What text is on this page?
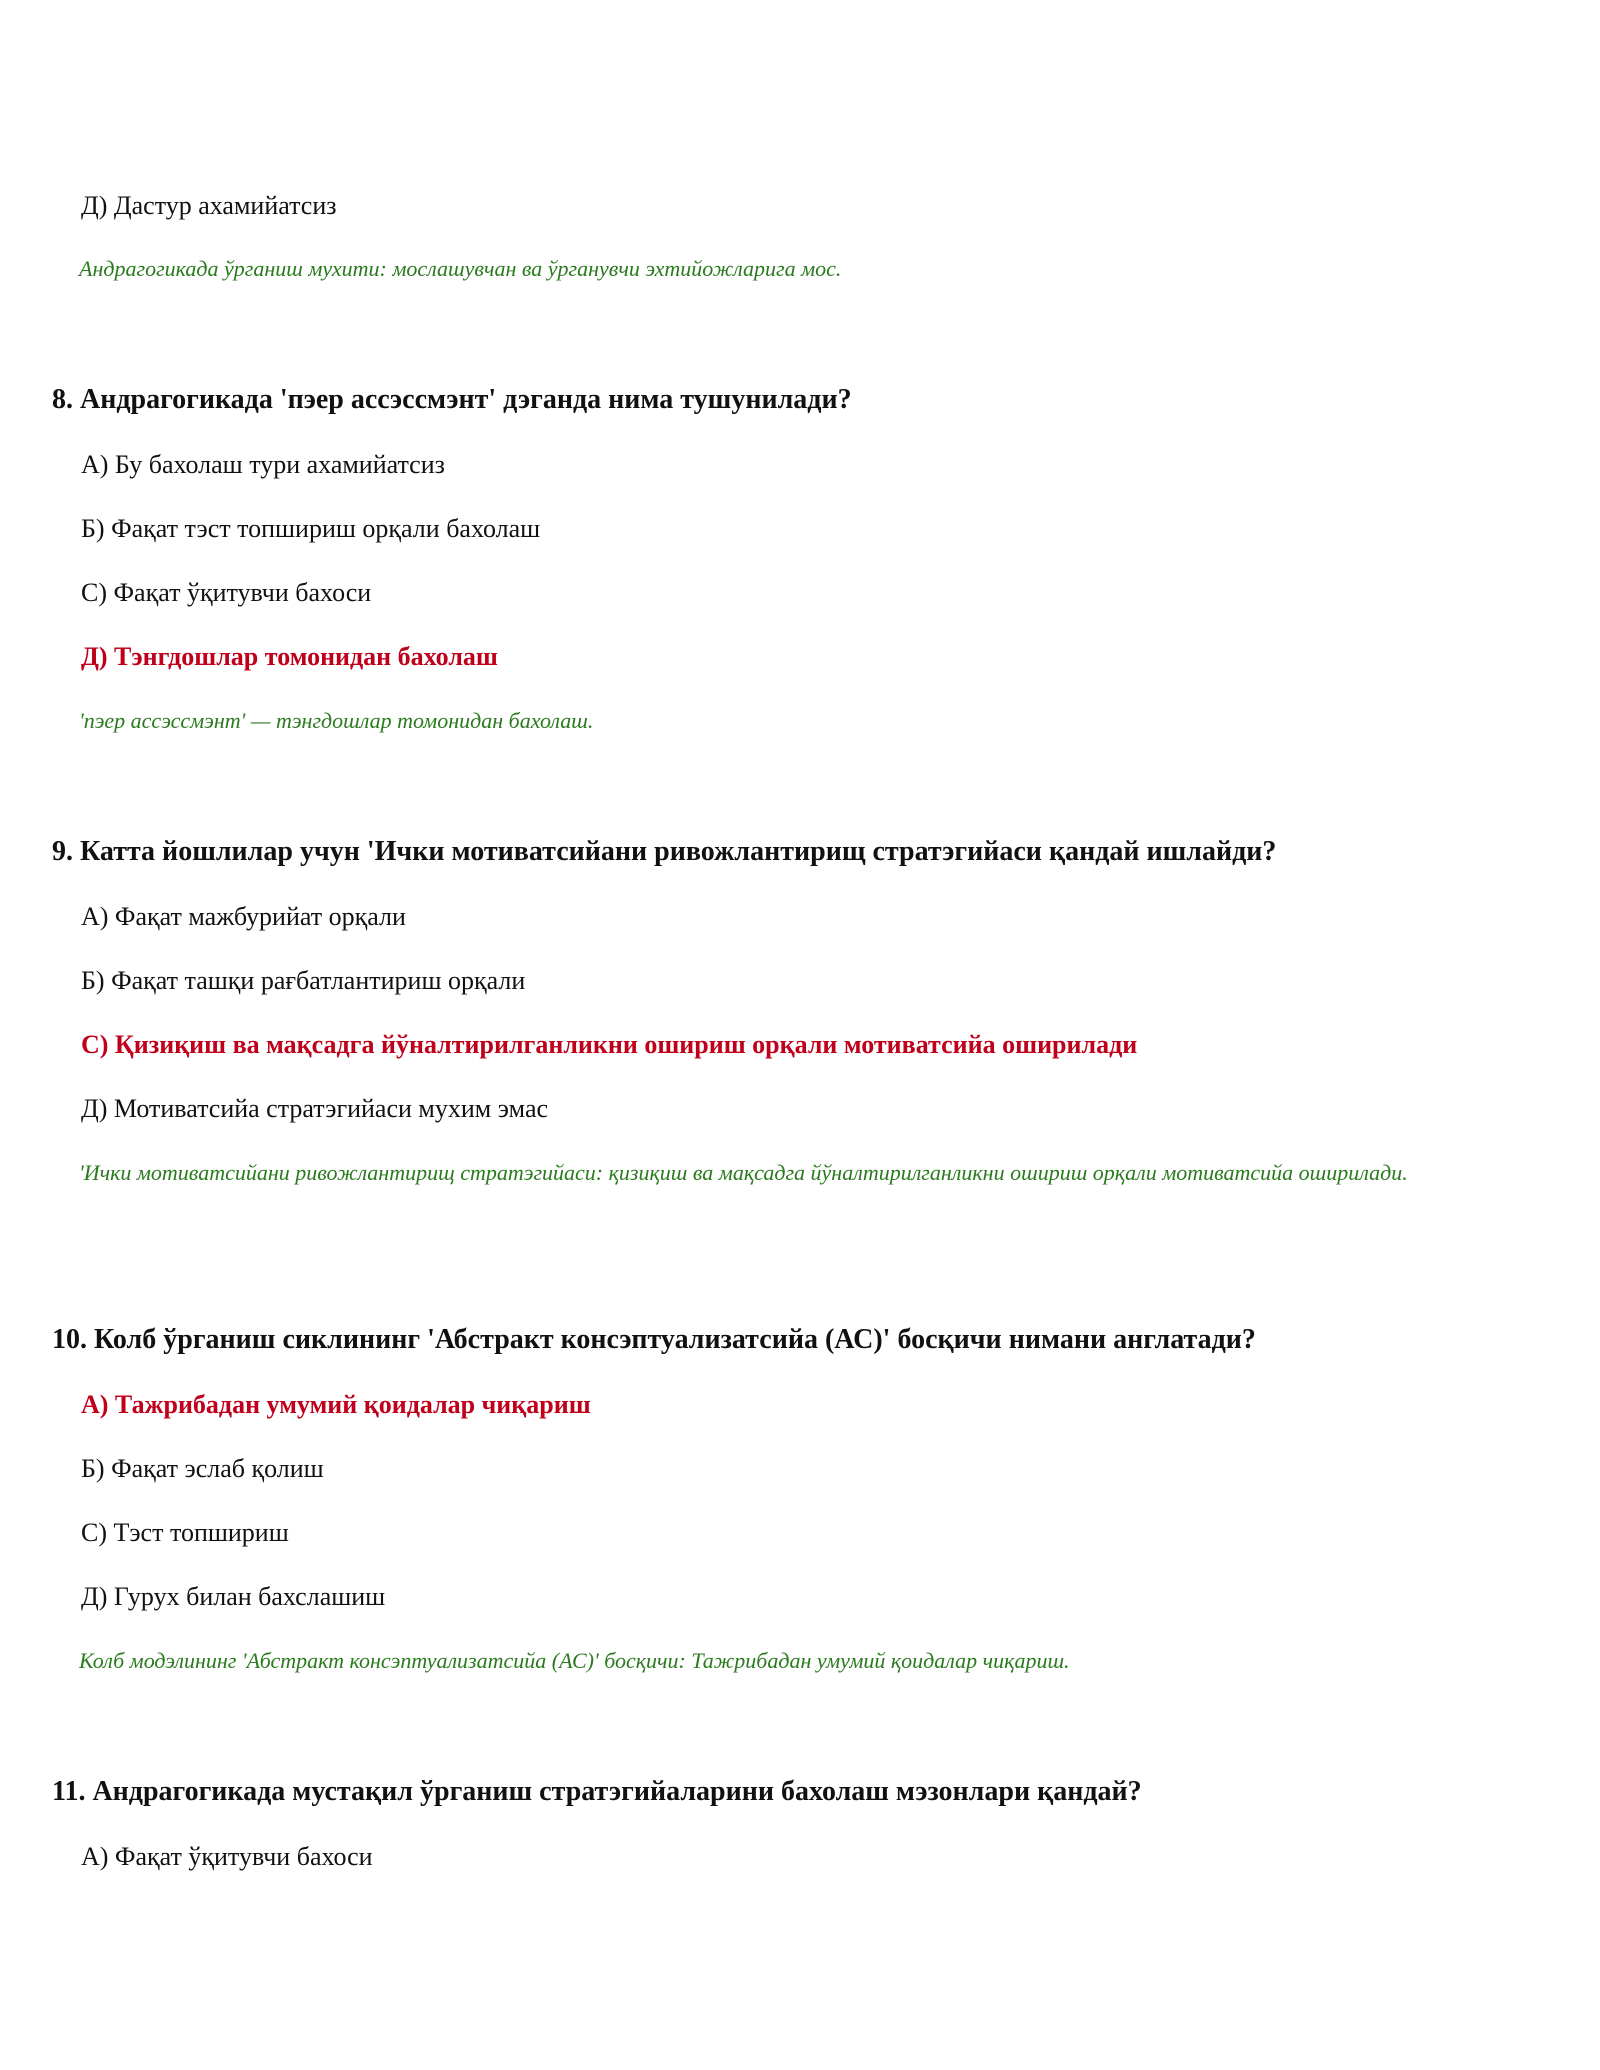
Д) Дастур ахамийатсиз
Андрагогикада ўрганиш мухити: мослашувчан ва ўрганувчи эхтийожларига мос.
8. Андрагогикада 'пэер ассэссмэнт' дэганда нима тушунилади?
А) Бу бахолаш тури ахамийатсиз
Б) Фақат тэст топшириш орқали бахолаш
С) Фақат ўқитувчи бахоси
Д) Тэнгдошлар томонидан бахолаш
'пэер ассэссмэнт' — тэнгдошлар томонидан бахолаш.
9. Катта йошлилар учун 'Ички мотиватсийани ривожлантирищ стратэгийаси қандай ишлайди?
А) Фақат мажбурийат орқали
Б) Фақат ташқи рағбатлантириш орқали
С) Қизиқиш ва мақсадга йўналтирилганликни ошириш орқали мотиватсийа оширилади
Д) Мотиватсийа стратэгийаси мухим эмас
'Ички мотиватсийани ривожлантирищ стратэгийаси: қизиқиш ва мақсадга йўналтирилганликни ошириш орқали мотиватсийа оширилади.
10. Колб ўрганиш сиклининг 'Абстракт консэптуализатсийа (АС)' босқичи нимани англатади?
А) Тажрибадан умумий қоидалар чиқариш
Б) Фақат эслаб қолиш
С) Тэст топшириш
Д) Гурух билан бахслашиш
Колб модэлининг 'Абстракт консэптуализатсийа (АС)' босқичи: Тажрибадан умумий қоидалар чиқариш.
11. Андрагогикада мустақил ўрганиш стратэгийаларини бахолаш мэзонлари қандай?
А) Фақат ўқитувчи бахоси
